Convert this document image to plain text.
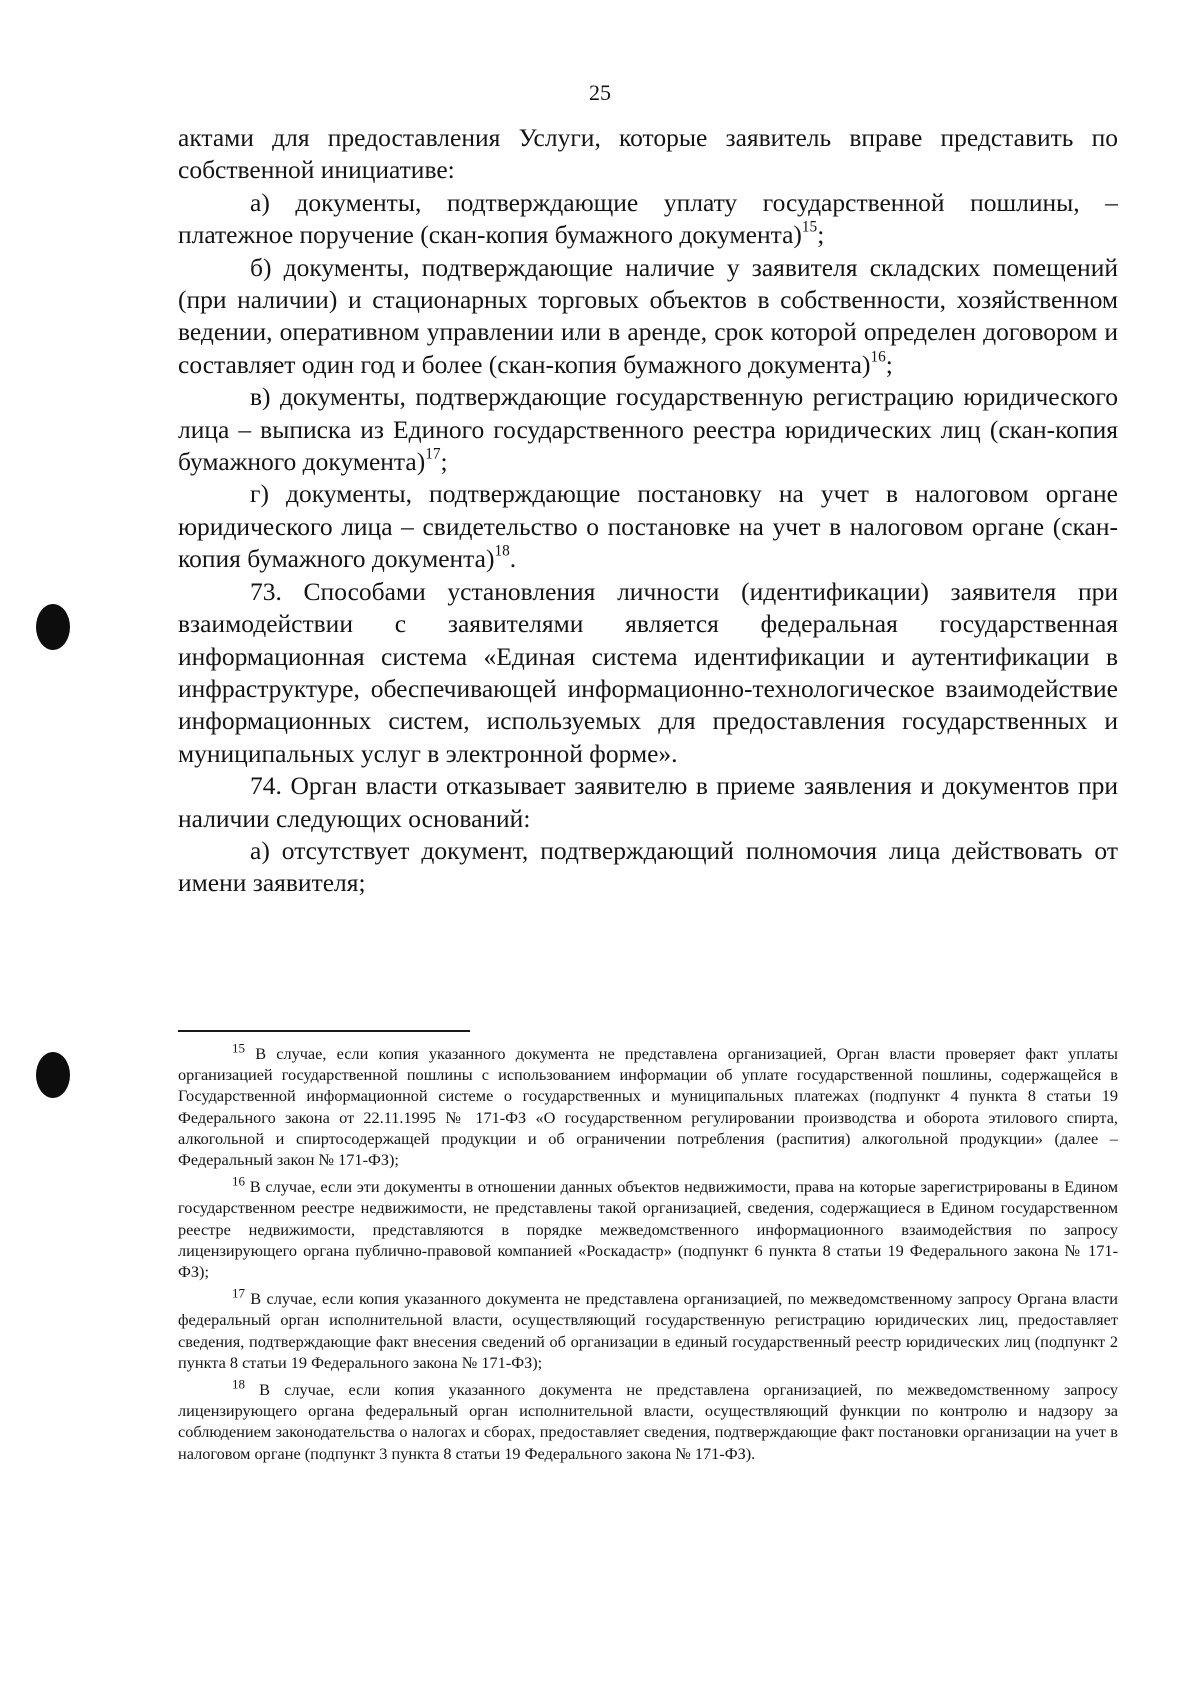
25

актами для предоставления Услуги, которые заявитель вправе представить по собственной инициативе:

а) документы, подтверждающие уплату государственной пошлины, – платежное поручение (скан-копия бумажного документа)$^{15}$;

б) документы, подтверждающие наличие у заявителя складских помещений (при наличии) и стационарных торговых объектов в собственности, хозяйственном ведении, оперативном управлении или в аренде, срок которой определен договором и составляет один год и более (скан-копия бумажного документа)$^{16}$;

в) документы, подтверждающие государственную регистрацию юридического лица – выписка из Единого государственного реестра юридических лиц (скан-копия бумажного документа)$^{17}$;

г) документы, подтверждающие постановку на учет в налоговом органе юридического лица – свидетельство о постановке на учет в налоговом органе (скан-копия бумажного документа)$^{18}$.

73. Способами установления личности (идентификации) заявителя при взаимодействии с заявителями является федеральная государственная информационная система «Единая система идентификации и аутентификации в инфраструктуре, обеспечивающей информационно-технологическое взаимодействие информационных систем, используемых для предоставления государственных и муниципальных услуг в электронной форме».

74. Орган власти отказывает заявителю в приеме заявления и документов при наличии следующих оснований:

а) отсутствует документ, подтверждающий полномочия лица действовать от имени заявителя;

$^{15}$ В случае, если копия указанного документа не представлена организацией, Орган власти проверяет факт уплаты организацией государственной пошлины с использованием информации об уплате государственной пошлины, содержащейся в Государственной информационной системе о государственных и муниципальных платежах (подпункт 4 пункта 8 статьи 19 Федерального закона от 22.11.1995 № 171-ФЗ «О государственном регулировании производства и оборота этилового спирта, алкогольной и спиртосодержащей продукции и об ограничении потребления (распития) алкогольной продукции» (далее – Федеральный закон № 171-ФЗ);

$^{16}$ В случае, если эти документы в отношении данных объектов недвижимости, права на которые зарегистрированы в Едином государственном реестре недвижимости, не представлены такой организацией, сведения, содержащиеся в Едином государственном реестре недвижимости, представляются в порядке межведомственного информационного взаимодействия по запросу лицензирующего органа публично-правовой компанией «Роскадастр» (подпункт 6 пункта 8 статьи 19 Федерального закона № 171-ФЗ);

$^{17}$ В случае, если копия указанного документа не представлена организацией, по межведомственному запросу Органа власти федеральный орган исполнительной власти, осуществляющий государственную регистрацию юридических лиц, предоставляет сведения, подтверждающие факт внесения сведений об организации в единый государственный реестр юридических лиц (подпункт 2 пункта 8 статьи 19 Федерального закона № 171-ФЗ);

$^{18}$ В случае, если копия указанного документа не представлена организацией, по межведомственному запросу лицензирующего органа федеральный орган исполнительной власти, осуществляющий функции по контролю и надзору за соблюдением законодательства о налогах и сборах, предоставляет сведения, подтверждающие факт постановки организации на учет в налоговом органе (подпункт 3 пункта 8 статьи 19 Федерального закона № 171-ФЗ).
